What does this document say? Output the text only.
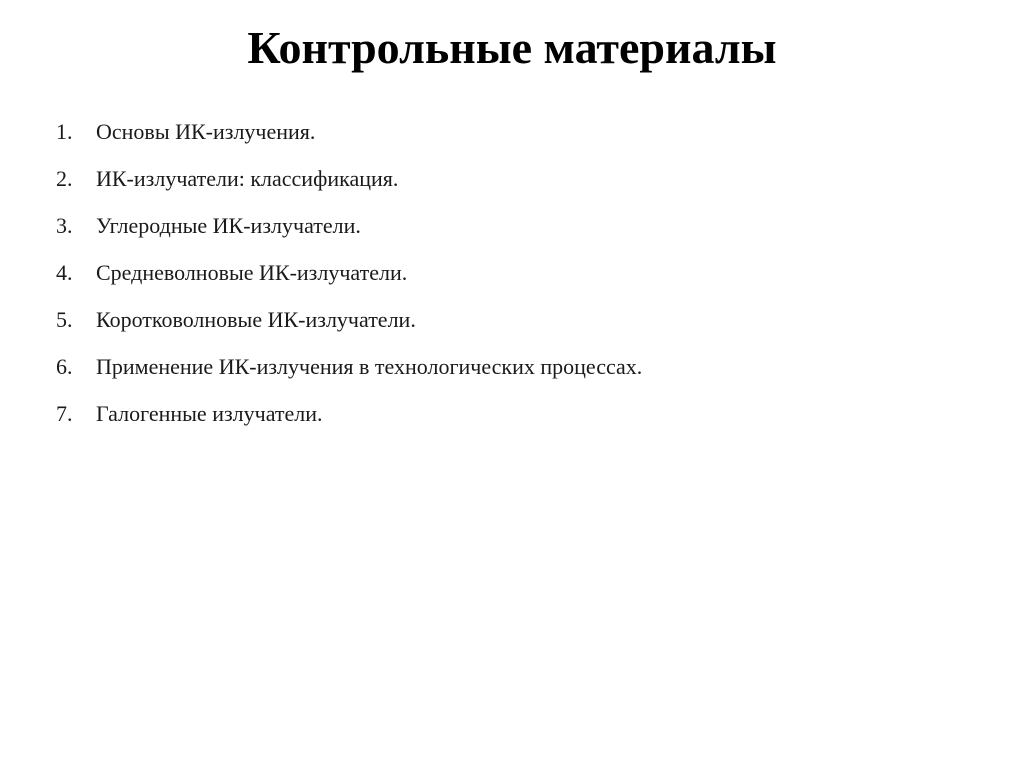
Контрольные материалы
1.	Основы ИК-излучения.
2.	ИК-излучатели: классификация.
3.	Углеродные ИК-излучатели.
4.	Средневолновые ИК-излучатели.
5.	Коротковолновые ИК-излучатели.
6.	Применение ИК-излучения в технологических процессах.
7.	Галогенные излучатели.
